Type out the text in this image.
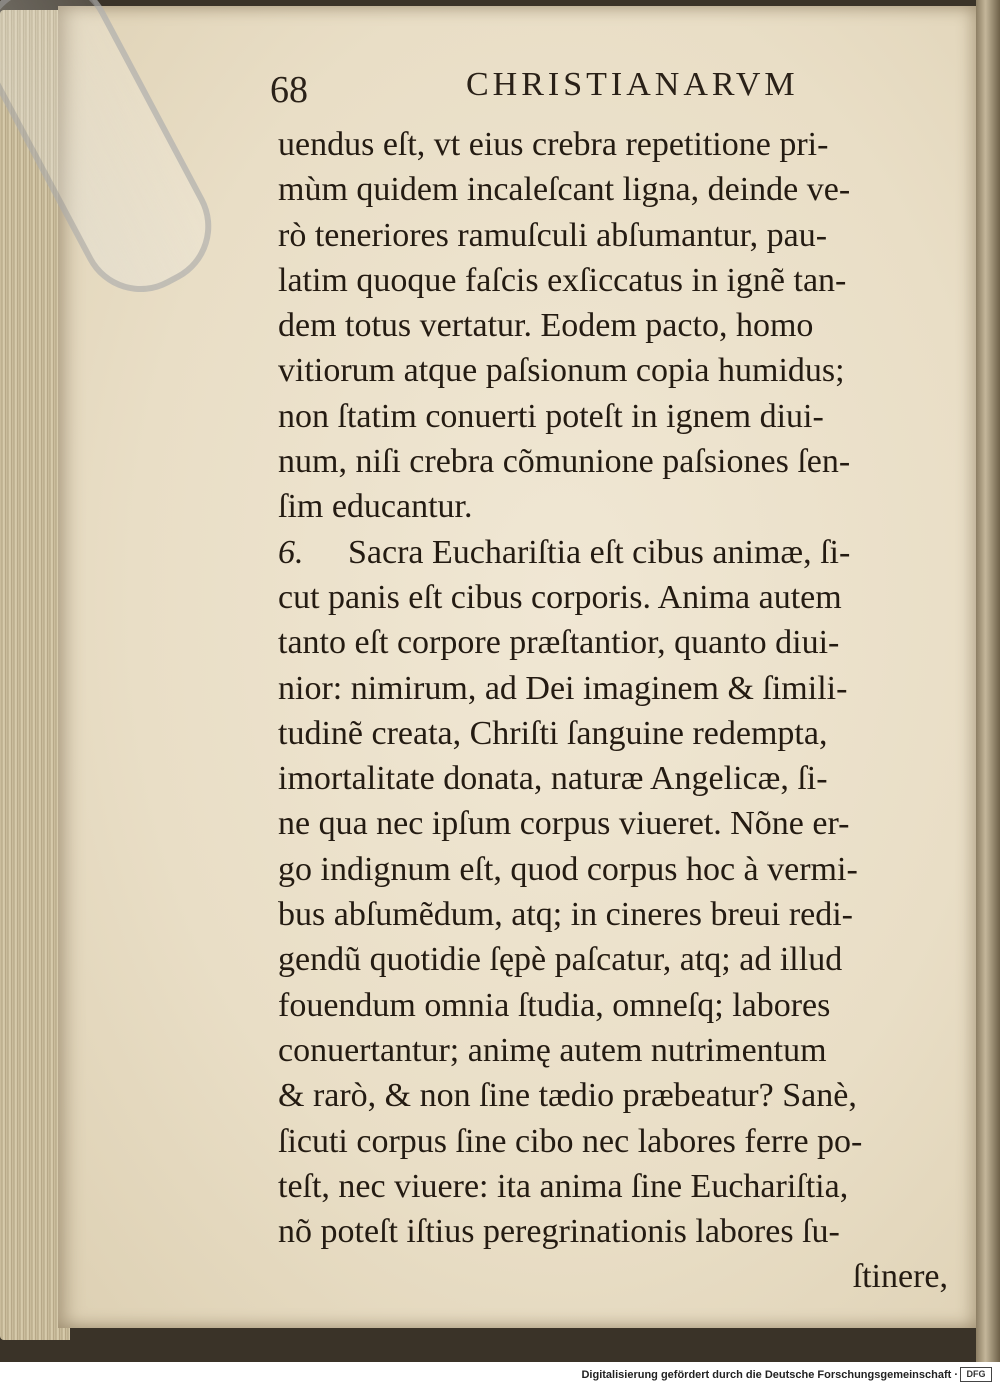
68	CHRISTIANARVM
uendus eſt, vt eius crebra repetitione pri-
mùm quidem incaleſcant ligna, deinde ve-
rò teneriores ramuſculi abſumantur, pau-
latim quoque faſcis exſiccatus in ignẽ tan-
dem totus vertatur. Eodem pacto, homo
vitiorum atque paſsionum copia humidus;
non ſtatim conuerti poteſt in ignem diui-
num, niſi crebra cõmunione paſsiones ſen-
ſim educantur.
6. Sacra Euchariſtia eſt cibus animæ, ſi-
cut panis eſt cibus corporis. Anima autem
tanto eſt corpore præſtantior, quanto diui-
nior: nimirum, ad Dei imaginem & ſimili-
tudinẽ creata, Chriſti ſanguine redempta,
imortalitate donata, naturæ Angelicæ, ſi-
ne qua nec ipſum corpus viueret. Nõne er-
go indignum eſt, quod corpus hoc à vermi-
bus abſumẽdum, atq; in cineres breui redi-
gendũ quotidie ſępè paſcatur, atq; ad illud
fouendum omnia ſtudia, omneſq; labores
conuertantur; animę autem nutrimentum
& rarò, & non ſine tædio præbeatur? Sanè,
ſicuti corpus ſine cibo nec labores ferre po-
teſt, nec viuere: ita anima ſine Euchariſtia,
nõ poteſt iſtius peregrinationis labores ſu-
ſtinere,
Digitalisierung gefördert durch die Deutsche Forschungsgemeinschaft · DFG
